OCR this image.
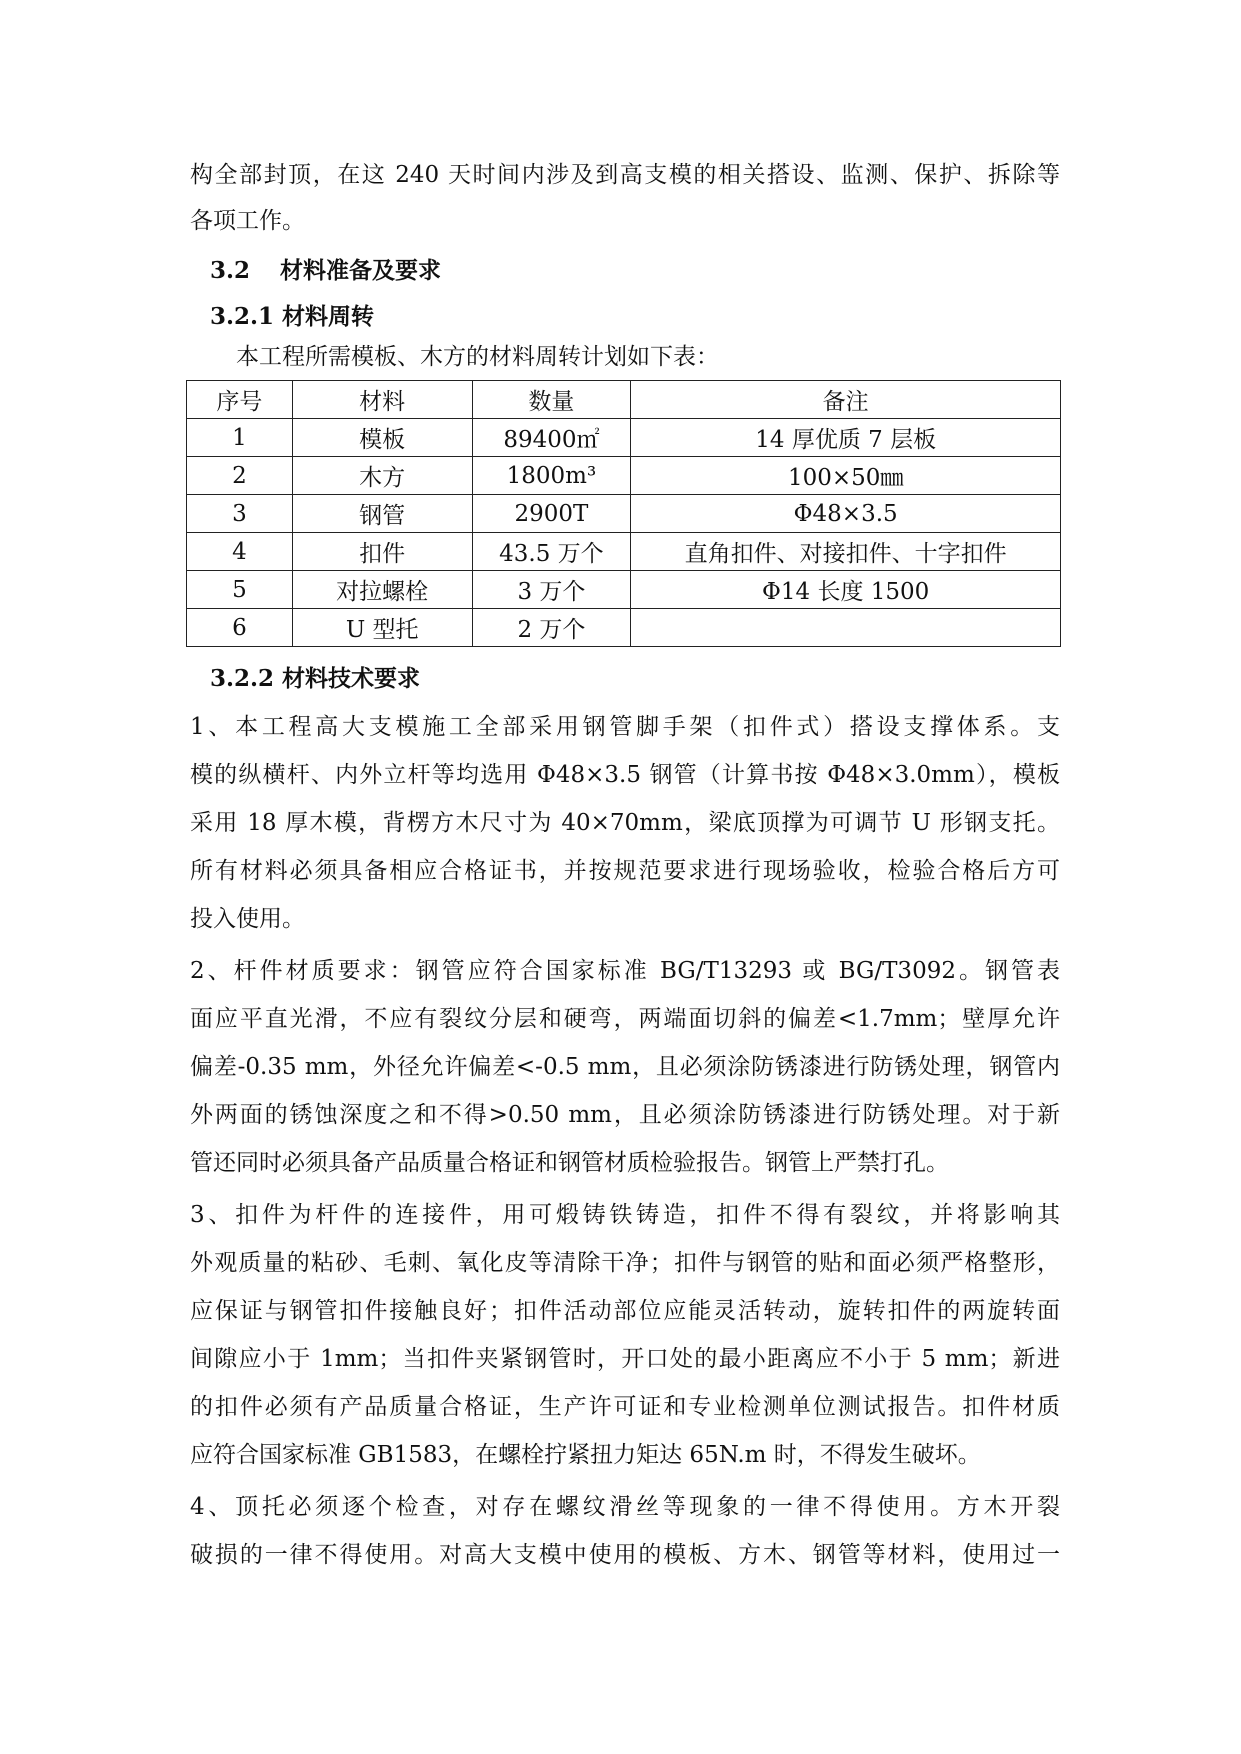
构全部封顶，在这 240 天时间内涉及到高支模的相关搭设、监测、保护、拆除等
各项工作。
3.2 材料准备及要求
3.2.1 材料周转
本工程所需模板、木方的材料周转计划如下表：
序号	材料	数量	备注
1	模板	89400㎡	14 厚优质 7 层板
2	木方	1800m³	100×50㎜
3	钢管	2900T	Φ48×3.5
4	扣件	43.5 万个	直角扣件、对接扣件、十字扣件
5	对拉螺栓	3 万个	Φ14 长度 1500
6	U 型托	2 万个	
3.2.2 材料技术要求
1、本工程高大支模施工全部采用钢管脚手架（扣件式）搭设支撑体系。支
模的纵横杆、内外立杆等均选用 Φ48×3.5 钢管（计算书按 Φ48×3.0mm），模板
采用 18 厚木模，背楞方木尺寸为 40×70mm，梁底顶撑为可调节 U 形钢支托。
所有材料必须具备相应合格证书，并按规范要求进行现场验收，检验合格后方可
投入使用。
2、杆件材质要求：钢管应符合国家标准 BG/T13293 或 BG/T3092。钢管表
面应平直光滑，不应有裂纹分层和硬弯，两端面切斜的偏差<1.7mm；壁厚允许
偏差-0.35 mm，外径允许偏差<-0.5 mm，且必须涂防锈漆进行防锈处理，钢管内
外两面的锈蚀深度之和不得>0.50 mm，且必须涂防锈漆进行防锈处理。对于新
管还同时必须具备产品质量合格证和钢管材质检验报告。钢管上严禁打孔。
3、扣件为杆件的连接件，用可煅铸铁铸造，扣件不得有裂纹，并将影响其
外观质量的粘砂、毛刺、氧化皮等清除干净；扣件与钢管的贴和面必须严格整形，
应保证与钢管扣件接触良好；扣件活动部位应能灵活转动，旋转扣件的两旋转面
间隙应小于 1mm；当扣件夹紧钢管时，开口处的最小距离应不小于 5 mm；新进
的扣件必须有产品质量合格证，生产许可证和专业检测单位测试报告。扣件材质
应符合国家标准 GB1583，在螺栓拧紧扭力矩达 65N.m 时，不得发生破坏。
4、顶托必须逐个检查，对存在螺纹滑丝等现象的一律不得使用。方木开裂
破损的一律不得使用。对高大支模中使用的模板、方木、钢管等材料，使用过一
